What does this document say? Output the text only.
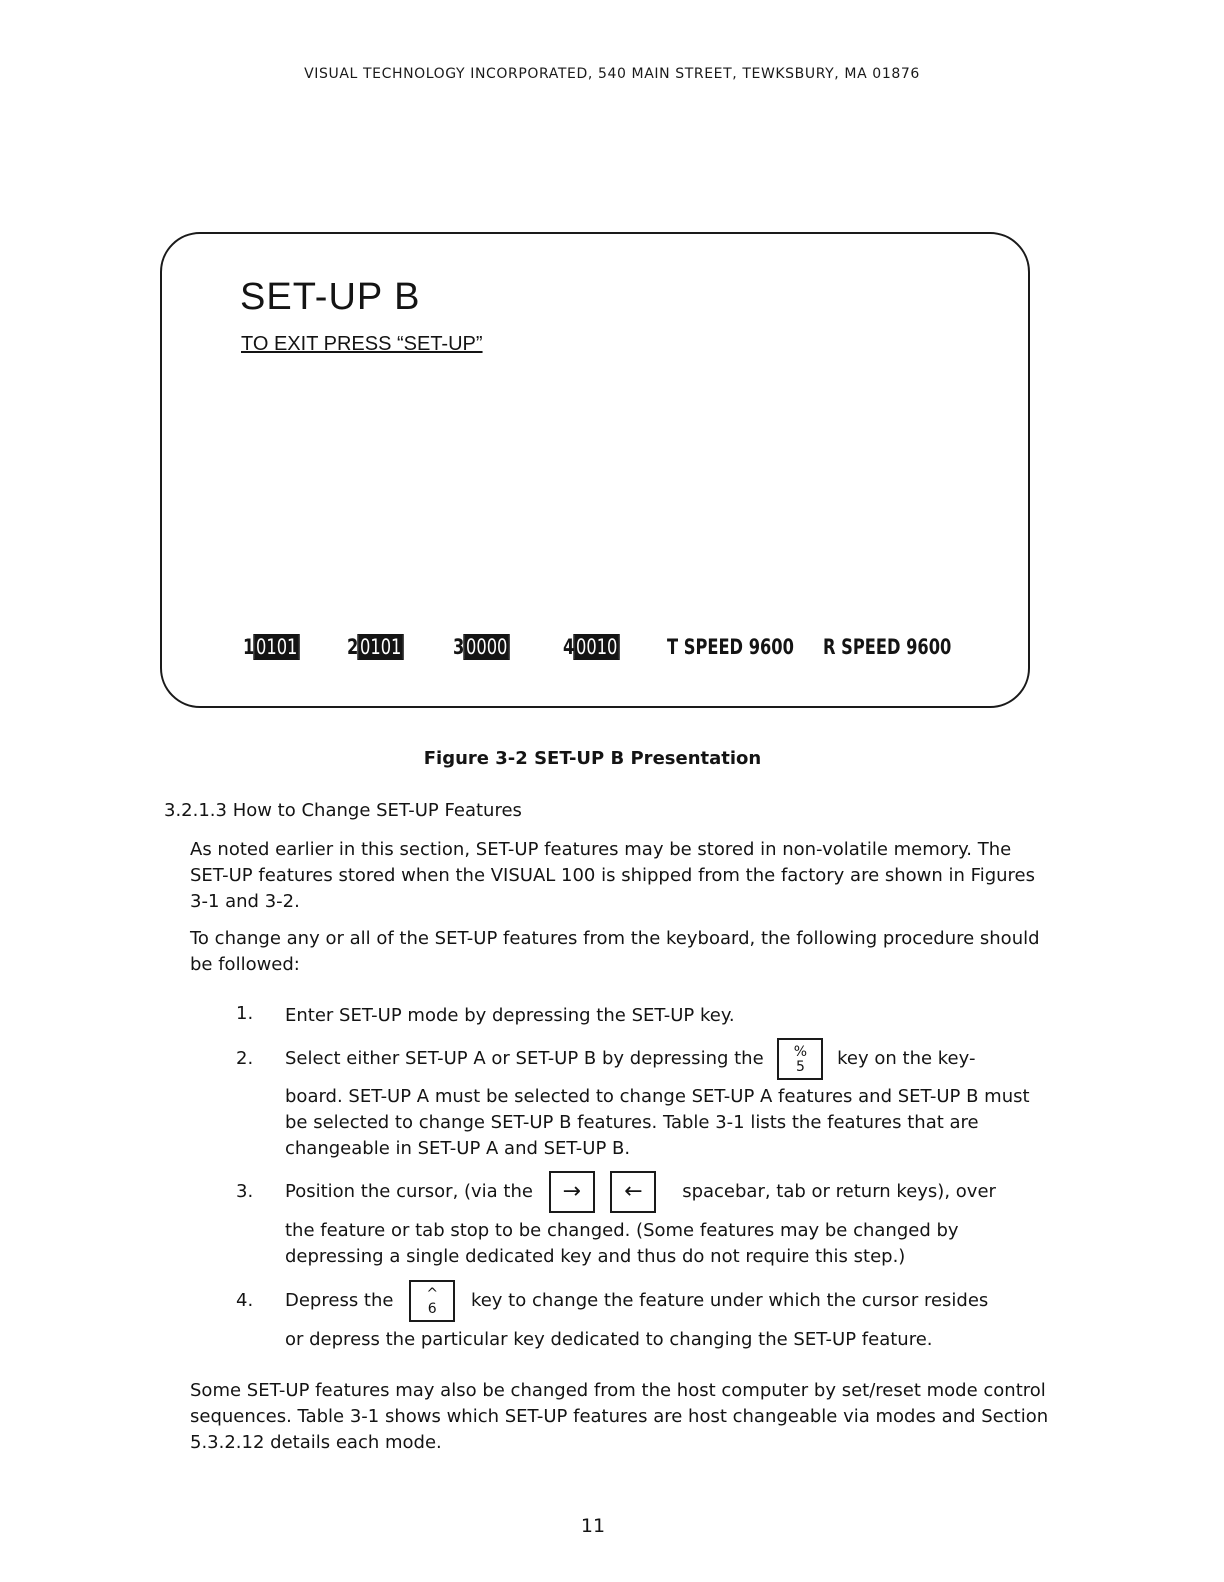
VISUAL TECHNOLOGY INCORPORATED, 540 MAIN STREET, TEWKSBURY, MA 01876
SET-UP B
TO EXIT PRESS “SET-UP”
10101 20101 30000	40010 T SPEED 9600 R SPEED 9600
Figure 3-2 SET-UP B Presentation
3.2.1.3 How to Change SET-UP Features
As noted earlier in this section, SET-UP features may be stored in non-volatile memory. The SET-UP features stored when the VISUAL 100 is shipped from the factory are shown in Figures 3-1 and 3-2.
To change any or all of the SET-UP features from the keyboard, the following procedure should be followed:
1. Enter SET-UP mode by depressing the SET-UP key.
2. Select either SET-UP A or SET-UP B by depressing the	%
5	key on the key-
board. SET-UP A must be selected to change SET-UP A features and SET-UP B must be selected to change SET-UP B features. Table 3-1 lists the features that are changeable in SET-UP A and SET-UP B.
3. Position the cursor, (via the → ← spacebar, tab or return keys), over
the feature or tab stop to be changed. (Some features may be changed by depressing a single dedicated key and thus do not require this step.)
4. Depress the	^
6	key to change the feature under which the cursor resides
or depress the particular key dedicated to changing the SET-UP feature.
Some SET-UP features may also be changed from the host computer by set/reset mode control sequences. Table 3-1 shows which SET-UP features are host changeable via modes and Section 5.3.2.12 details each mode.
11
